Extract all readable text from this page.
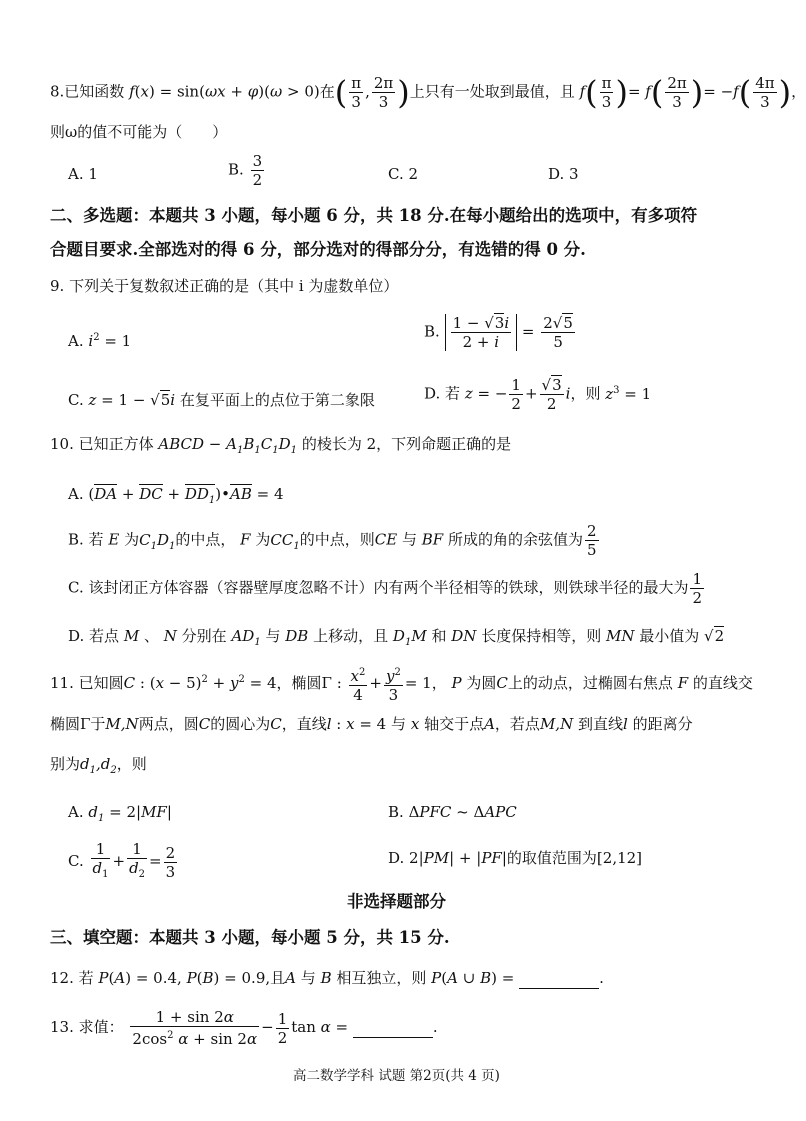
8.已知函数 f(x) = sin(ωx + φ)(ω > 0)在( $\frac{\pi}{3}$ , $\frac{2\pi}{3}$ )上只有一处取到最值，且 $f( \frac{\pi}{3}$ )= $f( \frac{2\pi}{3}$ )= $-f( \frac{4\pi}{3}$ )，
则ω的值不可能为（　　）
A. 1	B. $\frac{3}{2}$	C. 2	D. 3
二、多选题：本题共 3 小题，每小题 6 分，共 18 分.在每小题给出的选项中，有多项符
合题目要求.全部选对的得 6 分，部分选对的得部分分，有选错的得 0 分.
9. 下列关于复数叙述正确的是（其中 i 为虚数单位）
A. $i^2 = 1$
B. $\frac{1 - √3i}{2 + i} = \frac{2√5}{5}$
C. z = 1 − √5i 在复平面上的点位于第二象限	D. 若 z = − $\frac{1}{2} + \frac{√3}{2}$ i，则 $z^3 = 1$
10. 已知正方体 ABCD − $A_1B_1C_1D_1$ 的棱长为 2，下列命题正确的是
A. (DA + DC + $DD_1)•AB = 4$
B. 若 E 为$C_1D_1$的中点， F 为$CC_1$的中点，则CE 与 BF 所成的角的余弦值为 $\frac{2}{5}$
C. 该封闭正方体容器（容器壁厚度忽略不计）内有两个半径相等的铁球，则铁球半径的最大为 $\frac{1}{2}$
D. 若点 M 、 N 分别在 $AD_1$ 与 DB 上移动，且 $D_1M$ 和 DN 长度保持相等，则 MN 最小值为 √2
11. 已知圆C : $(x - 5)^2 + y^2 = 4$，椭圆Γ : $\frac{x^2}{4} + \frac{y^2}{3} = 1$， P 为圆C上的动点，过椭圆右焦点 F 的直线交
椭圆Γ于M,N两点，圆C的圆心为C，直线l : x = 4 与 x 轴交于点A，若点M,N 到直线l 的距离分
别为$d_1,d_2$，则
A. $d_1 = 2|MF|$	B. ΔPFC ~ ΔAPC
C. $\frac{1}{d_1} + \frac{1}{d_2} = \frac{2}{3}$	D. 2|PM| + |PF|的取值范围为[2,12]
非选择题部分
三、填空题：本题共 3 小题，每小题 5 分，共 15 分.
12. 若 P(A) = 0.4, P(B) = 0.9,且A 与 B 相互独立，则 P(A ∪ B) =	.
13. 求值： $\frac{1 + \sin 2\alpha}{2\cos^2 \alpha + \sin 2\alpha} - \frac{1}{2}$ tan α =	.
高二数学学科 试题 第2页(共 4 页)
